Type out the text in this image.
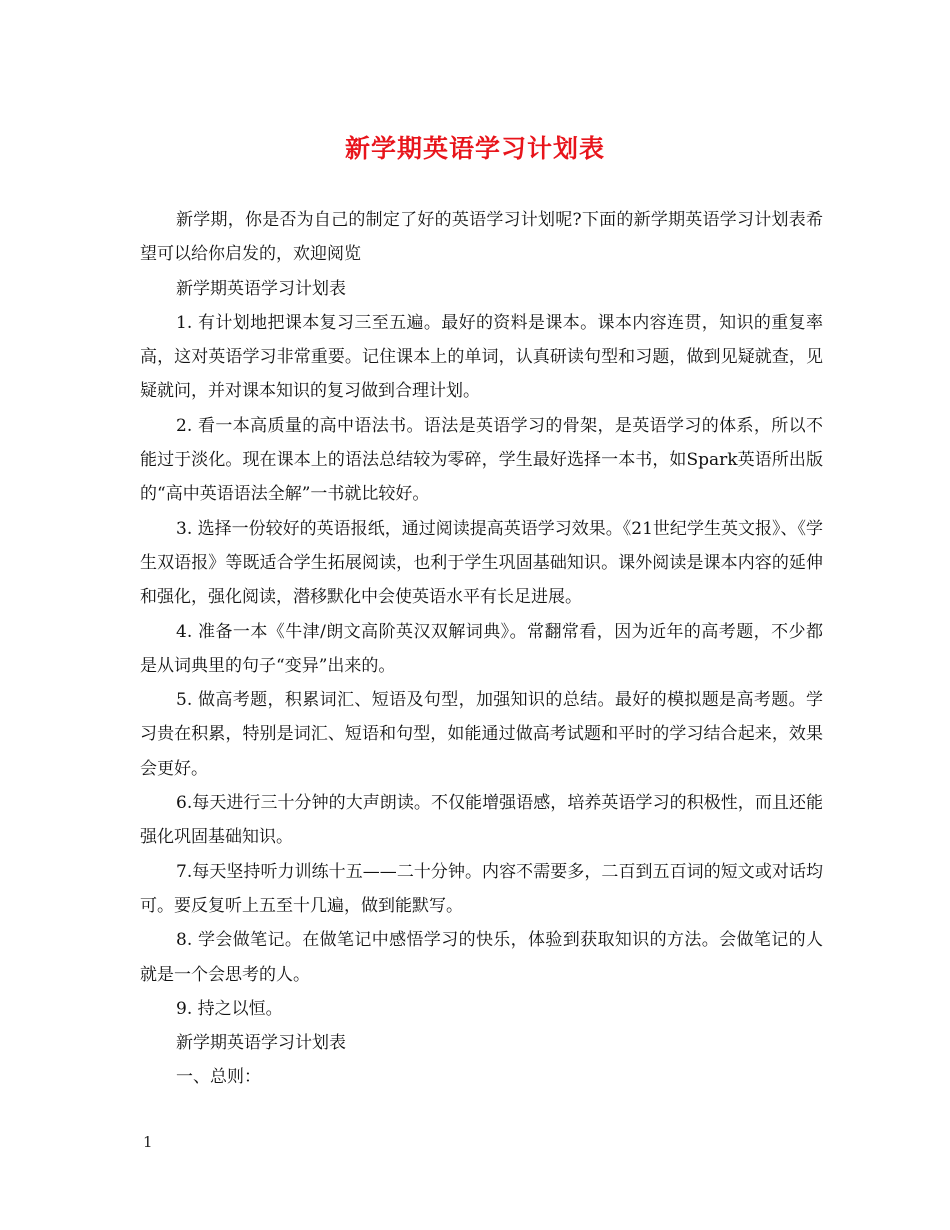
新学期英语学习计划表

新学期，你是否为自己的制定了好的英语学习计划呢?下面的新学期英语学习计划表希望可以给你启发的，欢迎阅览

新学期英语学习计划表

1. 有计划地把课本复习三至五遍。最好的资料是课本。课本内容连贯，知识的重复率高，这对英语学习非常重要。记住课本上的单词，认真研读句型和习题，做到见疑就查，见疑就问，并对课本知识的复习做到合理计划。

2. 看一本高质量的高中语法书。语法是英语学习的骨架，是英语学习的体系，所以不能过于淡化。现在课本上的语法总结较为零碎，学生最好选择一本书，如Spark英语所出版的“高中英语语法全解”一书就比较好。

3. 选择一份较好的英语报纸，通过阅读提高英语学习效果。《21世纪学生英文报》、《学生双语报》等既适合学生拓展阅读，也利于学生巩固基础知识。课外阅读是课本内容的延伸和强化，强化阅读，潜移默化中会使英语水平有长足进展。

4. 准备一本《牛津/朗文高阶英汉双解词典》。常翻常看，因为近年的高考题，不少都是从词典里的句子“变异”出来的。

5. 做高考题，积累词汇、短语及句型，加强知识的总结。最好的模拟题是高考题。学习贵在积累，特别是词汇、短语和句型，如能通过做高考试题和平时的学习结合起来，效果会更好。

6.每天进行三十分钟的大声朗读。不仅能增强语感，培养英语学习的积极性，而且还能强化巩固基础知识。

7.每天坚持听力训练十五——二十分钟。内容不需要多，二百到五百词的短文或对话均可。要反复听上五至十几遍，做到能默写。

8. 学会做笔记。在做笔记中感悟学习的快乐，体验到获取知识的方法。会做笔记的人就是一个会思考的人。

9. 持之以恒。

新学期英语学习计划表

一、总则：

1
